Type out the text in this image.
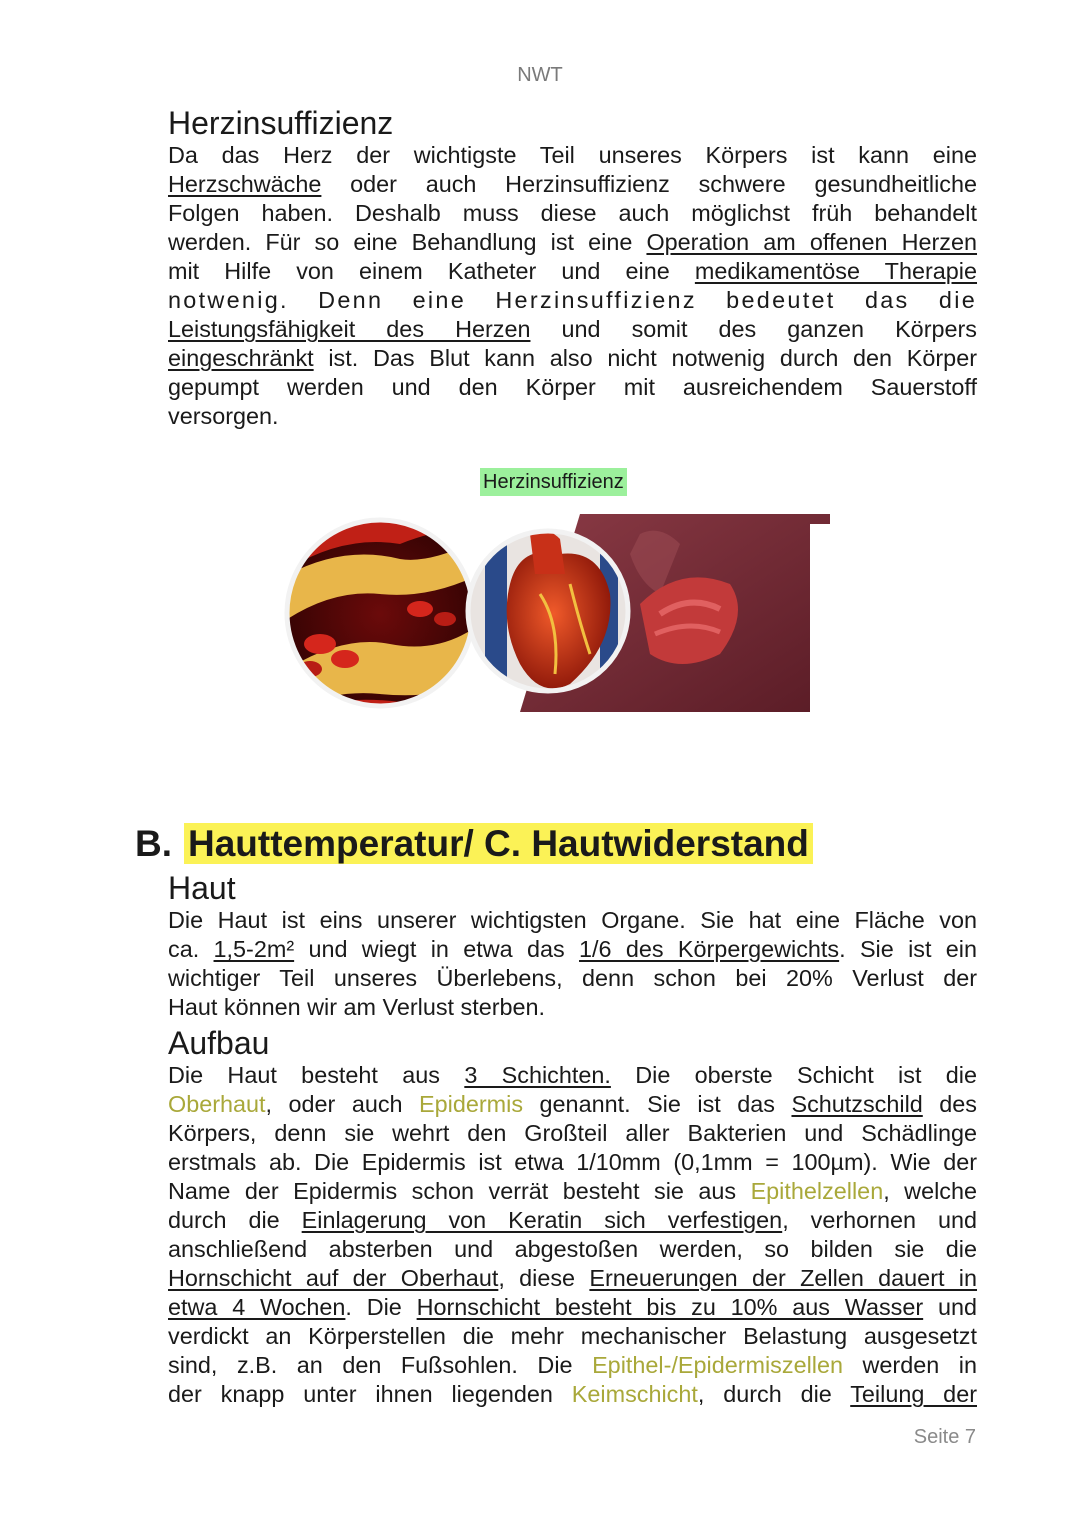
NWT
Herzinsuffizienz

Da das Herz der wichtigste Teil unseres Körpers ist kann eine

Herzschwäche oder auch Herzinsuffizienz schwere gesundheitliche

Folgen haben. Deshalb muss diese auch möglichst früh behandelt

werden. Für so eine Behandlung ist eine Operation am offenen Herzen

mit Hilfe von einem Katheter und eine medikamentöse Therapie

notwenig. Denn eine Herzinsuffizienz bedeutet das die

Leistungsfähigkeit des Herzen und somit des ganzen Körpers

eingeschränkt ist. Das Blut kann also nicht notwenig durch den Körper

gepumpt werden und den Körper mit ausreichendem Sauerstoff

versorgen.

Herzinsuffizienz
B. Hauttemperatur/ C. Hautwiderstand
Haut

Die Haut ist eins unserer wichtigsten Organe. Sie hat eine Fläche von

ca. 1,5-2m² und wiegt in etwa das 1/6 des Körpergewichts. Sie ist ein

wichtiger Teil unseres Überlebens, denn schon bei 20% Verlust der

Haut können wir am Verlust sterben.

Aufbau

Die Haut besteht aus 3 Schichten. Die oberste Schicht ist die

Oberhaut, oder auch Epidermis genannt. Sie ist das Schutzschild des

Körpers, denn sie wehrt den Großteil aller Bakterien und Schädlinge

erstmals ab. Die Epidermis ist etwa 1/10mm (0,1mm = 100µm). Wie der

Name der Epidermis schon verrät besteht sie aus Epithelzellen, welche

durch die Einlagerung von Keratin sich verfestigen, verhornen und

anschließend absterben und abgestoßen werden, so bilden sie die

Hornschicht auf der Oberhaut, diese Erneuerungen der Zellen dauert in

etwa 4 Wochen. Die Hornschicht besteht bis zu 10% aus Wasser und

verdickt an Körperstellen die mehr mechanischer Belastung ausgesetzt

sind, z.B. an den Fußsohlen. Die Epithel-/Epidermiszellen werden in

der knapp unter ihnen liegenden Keimschicht, durch die Teilung der

Seite 7
